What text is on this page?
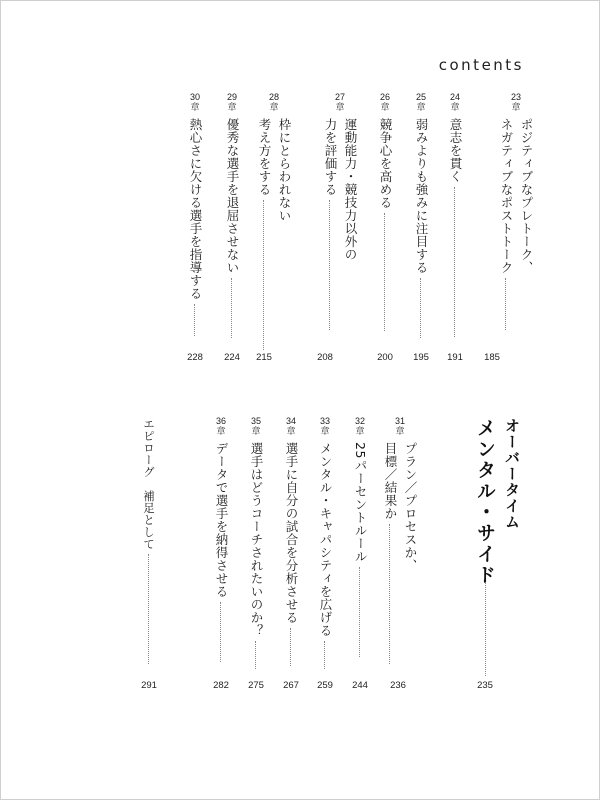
contents
23
章
ポジティブなプレトーク、
ネガティブなポストトーク
185
24
章
意志を貫く
191
25
章
弱みよりも強みに注目する
195
26
章
競争心を高める
200
27
章
運動能力・競技力以外の
力を評価する
208
28
章
枠にとらわれない
考え方をする
215
29
章
優秀な選手を退屈させない
224
30
章
熱心さに欠ける選手を指導する
228
オーバータイム
メンタル・サイド
235
31
章
プラン／プロセスか、
目標／結果か
236
32
章
25パーセントルール
244
33
章
メンタル・キャパシティを広げる
259
34
章
選手に自分の試合を分析させる
267
35
章
選手はどうコーチされたいのか？
275
36
章
データで選手を納得させる
282
エピローグ　補足として
291
